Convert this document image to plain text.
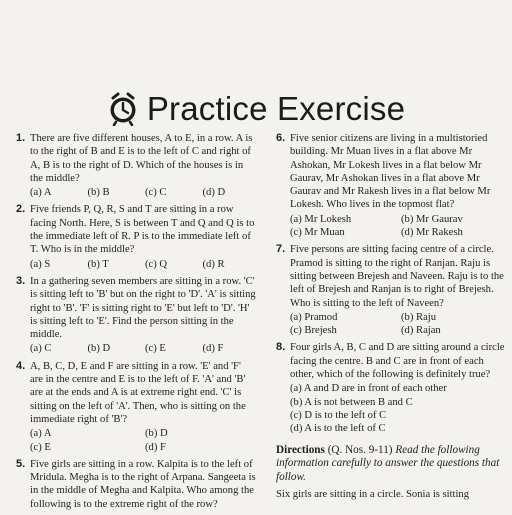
Practice Exercise
1. There are five different houses, A to E, in a row. A is to the right of B and E is to the left of C and right of A, B is to the right of D. Which of the houses is in the middle?
(a) A	(b) B	(c) C	(d) D
2. Five friends P, Q, R, S and T are sitting in a row facing North. Here, S is between T and Q and Q is to the immediate left of R. P is to the immediate left of T. Who is in the middle?
(a) S	(b) T	(c) Q	(d) R
3. In a gathering seven members are sitting in a row. 'C' is sitting left to 'B' but on the right to 'D'. 'A' is sitting right to 'B'. 'F' is sitting right to 'E' but left to 'D'. 'H' is sitting left to 'E'. Find the person sitting in the middle.
(a) C	(b) D	(c) E	(d) F
4. A, B, C, D, E and F are sitting in a row. 'E' and 'F' are in the centre and E is to the left of F. 'A' and 'B' are at the ends and A is at extreme right end. 'C' is sitting on the left of 'A'. Then, who is sitting on the immediate right of 'B'?
(a) A	(b) D
(c) E	(d) F
5. Five girls are sitting in a row. Kalpita is to the left of Mridula. Megha is to the right of Arpana. Sangeeta is in the middle of Megha and Kalpita. Who among the following is to the extreme right of the row?
6. Five senior citizens are living in a multistoried building. Mr Muan lives in a flat above Mr Ashokan, Mr Lokesh lives in a flat below Mr Gaurav, Mr Ashokan lives in a flat above Mr Gaurav and Mr Rakesh lives in a flat below Mr Lokesh. Who lives in the topmost flat?
(a) Mr Lokesh	(b) Mr Gaurav
(c) Mr Muan	(d) Mr Rakesh
7. Five persons are sitting facing centre of a circle. Pramod is sitting to the right of Ranjan. Raju is sitting between Brejesh and Naveen. Raju is to the left of Brejesh and Ranjan is to right of Brejesh. Who is sitting to the left of Naveen?
(a) Pramod	(b) Raju
(c) Brejesh	(d) Rajan
8. Four girls A, B, C and D are sitting around a circle facing the centre. B and C are in front of each other, which of the following is definitely true?
(a) A and D are in front of each other
(b) A is not between B and C
(c) D is to the left of C
(d) A is to the left of C
Directions (Q. Nos. 9-11) Read the following information carefully to answer the questions that follow.
Six girls are sitting in a circle. Sonia is sitting
